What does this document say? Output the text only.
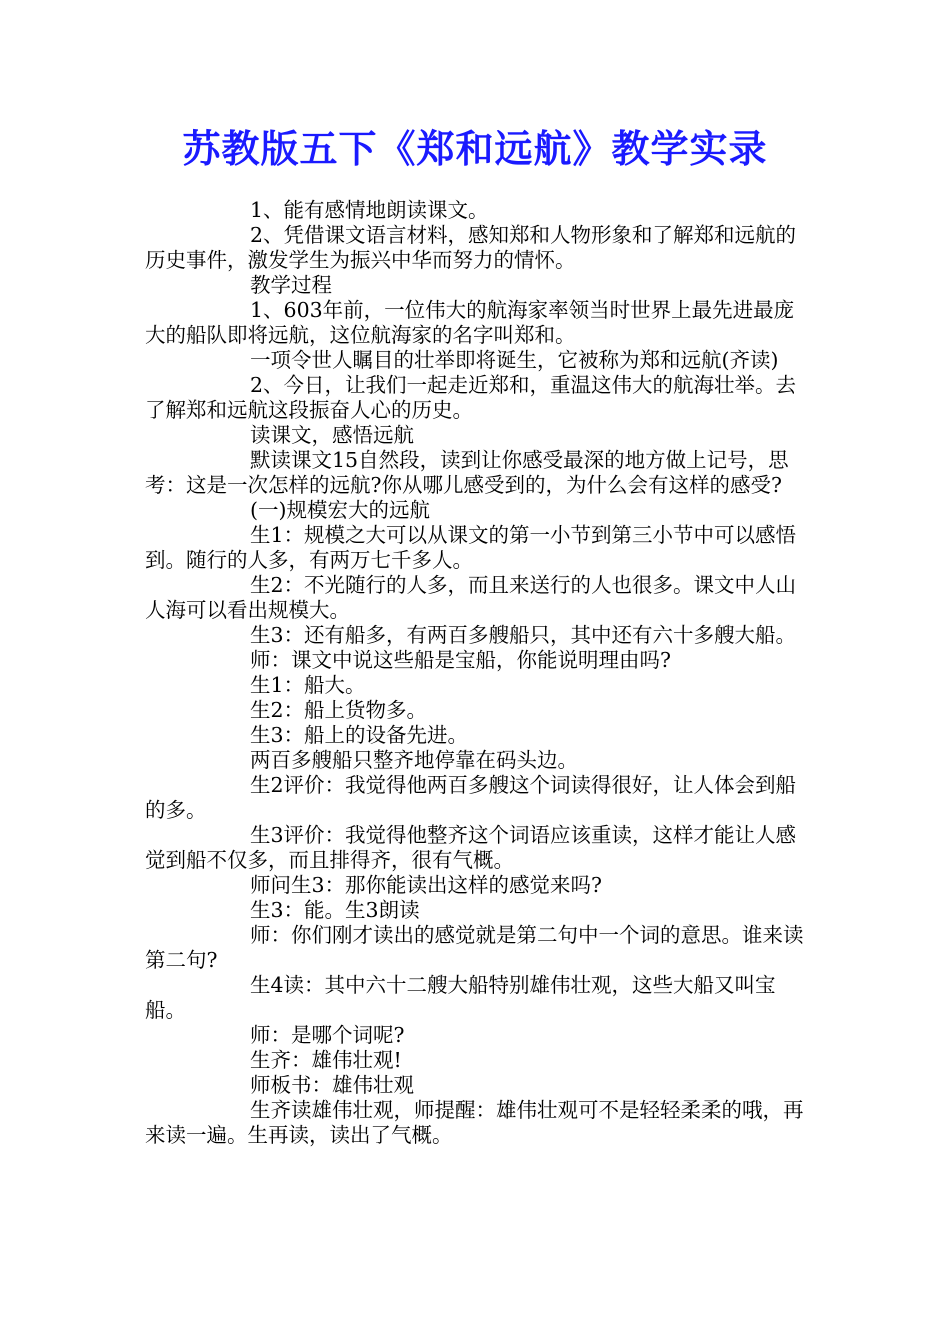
苏教版五下《郑和远航》教学实录

1、能有感情地朗读课文。

2、凭借课文语言材料，感知郑和人物形象和了解郑和远航的历史事件，激发学生为振兴中华而努力的情怀。

教学过程

1、603年前，一位伟大的航海家率领当时世界上最先进最庞大的船队即将远航，这位航海家的名字叫郑和。

一项令世人瞩目的壮举即将诞生，它被称为郑和远航(齐读)

2、今日，让我们一起走近郑和，重温这伟大的航海壮举。去了解郑和远航这段振奋人心的历史。

读课文，感悟远航

默读课文15自然段，读到让你感受最深的地方做上记号，思考：这是一次怎样的远航?你从哪儿感受到的，为什么会有这样的感受?

(一)规模宏大的远航

生1：规模之大可以从课文的第一小节到第三小节中可以感悟到。随行的人多，有两万七千多人。

生2：不光随行的人多，而且来送行的人也很多。课文中人山人海可以看出规模大。

生3：还有船多，有两百多艘船只，其中还有六十多艘大船。

师：课文中说这些船是宝船，你能说明理由吗?

生1：船大。

生2：船上货物多。

生3：船上的设备先进。

两百多艘船只整齐地停靠在码头边。

生2评价：我觉得他两百多艘这个词读得很好，让人体会到船的多。

生3评价：我觉得他整齐这个词语应该重读，这样才能让人感觉到船不仅多，而且排得齐，很有气概。

师问生3：那你能读出这样的感觉来吗?

生3：能。生3朗读

师：你们刚才读出的感觉就是第二句中一个词的意思。谁来读第二句?

生4读：其中六十二艘大船特别雄伟壮观，这些大船又叫宝船。

师：是哪个词呢?

生齐：雄伟壮观!

师板书：雄伟壮观

生齐读雄伟壮观，师提醒：雄伟壮观可不是轻轻柔柔的哦，再来读一遍。生再读，读出了气概。
